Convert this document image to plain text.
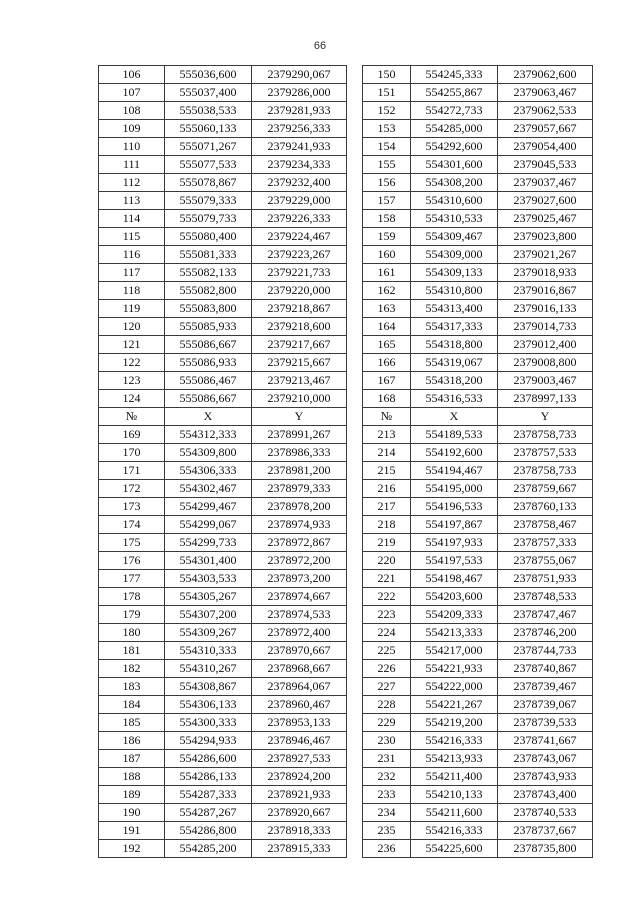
66
106	555036,600	2379290,067		150	554245,333	2379062,600
107	555037,400	2379286,000		151	554255,867	2379063,467
108	555038,533	2379281,933		152	554272,733	2379062,533
109	555060,133	2379256,333		153	554285,000	2379057,667
110	555071,267	2379241,933		154	554292,600	2379054,400
111	555077,533	2379234,333		155	554301,600	2379045,533
112	555078,867	2379232,400		156	554308,200	2379037,467
113	555079,333	2379229,000		157	554310,600	2379027,600
114	555079,733	2379226,333		158	554310,533	2379025,467
115	555080,400	2379224,467		159	554309,467	2379023,800
116	555081,333	2379223,267		160	554309,000	2379021,267
117	555082,133	2379221,733		161	554309,133	2379018,933
118	555082,800	2379220,000		162	554310,800	2379016,867
119	555083,800	2379218,867		163	554313,400	2379016,133
120	555085,933	2379218,600		164	554317,333	2379014,733
121	555086,667	2379217,667		165	554318,800	2379012,400
122	555086,933	2379215,667		166	554319,067	2379008,800
123	555086,467	2379213,467		167	554318,200	2379003,467
124	555086,667	2379210,000		168	554316,533	2378997,133
№	X	Y		№	X	Y
169	554312,333	2378991,267		213	554189,533	2378758,733
170	554309,800	2378986,333		214	554192,600	2378757,533
171	554306,333	2378981,200		215	554194,467	2378758,733
172	554302,467	2378979,333		216	554195,000	2378759,667
173	554299,467	2378978,200		217	554196,533	2378760,133
174	554299,067	2378974,933		218	554197,867	2378758,467
175	554299,733	2378972,867		219	554197,933	2378757,333
176	554301,400	2378972,200		220	554197,533	2378755,067
177	554303,533	2378973,200		221	554198,467	2378751,933
178	554305,267	2378974,667		222	554203,600	2378748,533
179	554307,200	2378974,533		223	554209,333	2378747,467
180	554309,267	2378972,400		224	554213,333	2378746,200
181	554310,333	2378970,667		225	554217,000	2378744,733
182	554310,267	2378968,667		226	554221,933	2378740,867
183	554308,867	2378964,067		227	554222,000	2378739,467
184	554306,133	2378960,467		228	554221,267	2378739,067
185	554300,333	2378953,133		229	554219,200	2378739,533
186	554294,933	2378946,467		230	554216,333	2378741,667
187	554286,600	2378927,533		231	554213,933	2378743,067
188	554286,133	2378924,200		232	554211,400	2378743,933
189	554287,333	2378921,933		233	554210,133	2378743,400
190	554287,267	2378920,667		234	554211,600	2378740,533
191	554286,800	2378918,333		235	554216,333	2378737,667
192	554285,200	2378915,333		236	554225,600	2378735,800
